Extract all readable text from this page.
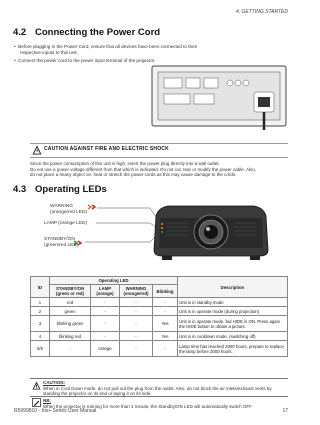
4. GETTING STARTED
4.2 Connecting the Power Cord
•  Before plugging in the Power Cord, ensure that all devices have been connected to their respective inputs to this unit.
•  Connect the power cord to the power input terminal of the projector.
CAUTION AGAINST FIRE AND ELECTRIC SHOCK
Since the power consumption of this unit is high, insert the power plug directly into a wall outlet.
Do not use a power voltage different from that which is indicated. Do not cut, tear or modify the power cable. Also,
do not place a heavy object on, heat or stretch the power cords as this may cause damage to the cords.
4.3 Operating LEDs
WARNING
(orange/red LED)
LAMP (orange LED)
STANDBY/ON
(green/red LED)
ID	Operating LED				Description
	STANDBY/ON (green or red)	LAMP (orange)	WARNING (orange/red)	Blinking	
1	red	-	-	-	Unit is in standby mode
2	green	-	-	-	Unit is in operate mode (during projection)
3	blinking green	-	-	Yes	Unit is in operate mode, but HIDE is ON. Press again the HIDE button to obtain a picture.
4	blinking red	-	-	Yes	Unit is in cooldown mode. (switching off)
5/6	-	orange	-	-	Lamp time has reached 2900 hours, prepare to replace the lamp before 3000 hours.
CAUTION:
When in Cool Down mode, do not pull out the plug from the outlet. Also, do not block the air inlets/exhaust vents by standing the projector on its end or laying it on its side.
NB:
When the projector is running for more than 1 minute, the Standby/ON LED will automatically switch OFF.
R5999810 - Iris+ Series User Manual	17
